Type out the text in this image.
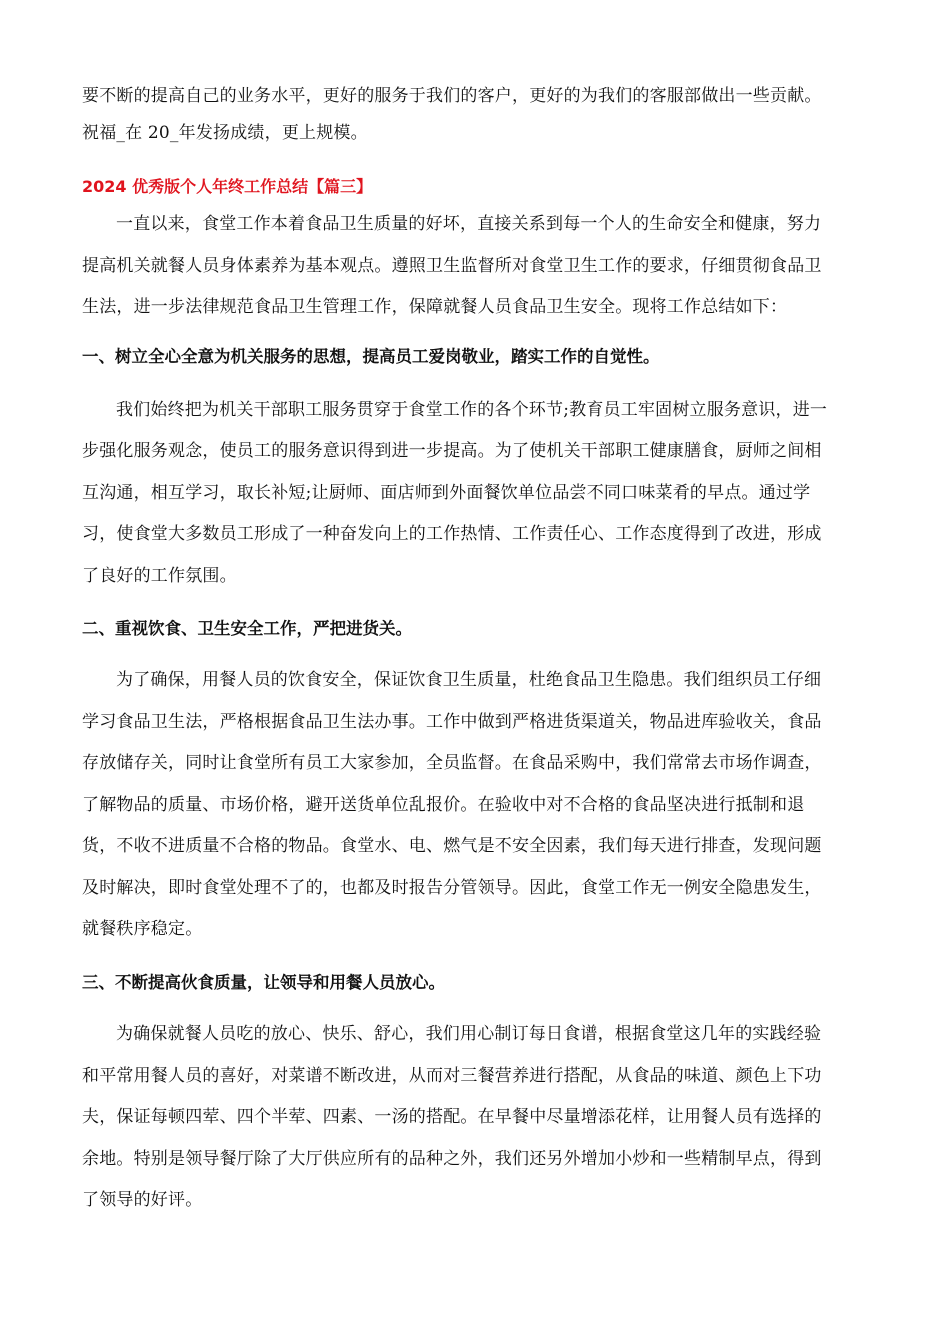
要不断的提高自己的业务水平，更好的服务于我们的客户，更好的为我们的客服部做出一些贡献。
祝福_在 20_年发扬成绩，更上规模。
2024 优秀版个人年终工作总结【篇三】
一直以来，食堂工作本着食品卫生质量的好坏，直接关系到每一个人的生命安全和健康，努力
提高机关就餐人员身体素养为基本观点。遵照卫生监督所对食堂卫生工作的要求，仔细贯彻食品卫
生法，进一步法律规范食品卫生管理工作，保障就餐人员食品卫生安全。现将工作总结如下：
一、树立全心全意为机关服务的思想，提高员工爱岗敬业，踏实工作的自觉性。
我们始终把为机关干部职工服务贯穿于食堂工作的各个环节;教育员工牢固树立服务意识，进一
步强化服务观念，使员工的服务意识得到进一步提高。为了使机关干部职工健康膳食，厨师之间相
互沟通，相互学习，取长补短;让厨师、面店师到外面餐饮单位品尝不同口味菜肴的早点。通过学
习，使食堂大多数员工形成了一种奋发向上的工作热情、工作责任心、工作态度得到了改进，形成
了良好的工作氛围。
二、重视饮食、卫生安全工作，严把进货关。
为了确保，用餐人员的饮食安全，保证饮食卫生质量，杜绝食品卫生隐患。我们组织员工仔细
学习食品卫生法，严格根据食品卫生法办事。工作中做到严格进货渠道关，物品进库验收关，食品
存放储存关，同时让食堂所有员工大家参加，全员监督。在食品采购中，我们常常去市场作调查，
了解物品的质量、市场价格，避开送货单位乱报价。在验收中对不合格的食品坚决进行抵制和退
货，不收不进质量不合格的物品。食堂水、电、燃气是不安全因素，我们每天进行排查，发现问题
及时解决，即时食堂处理不了的，也都及时报告分管领导。因此，食堂工作无一例安全隐患发生，
就餐秩序稳定。
三、不断提高伙食质量，让领导和用餐人员放心。
为确保就餐人员吃的放心、快乐、舒心，我们用心制订每日食谱，根据食堂这几年的实践经验
和平常用餐人员的喜好，对菜谱不断改进，从而对三餐营养进行搭配，从食品的味道、颜色上下功
夫，保证每顿四荤、四个半荤、四素、一汤的搭配。在早餐中尽量增添花样，让用餐人员有选择的
余地。特别是领导餐厅除了大厅供应所有的品种之外，我们还另外增加小炒和一些精制早点，得到
了领导的好评。
